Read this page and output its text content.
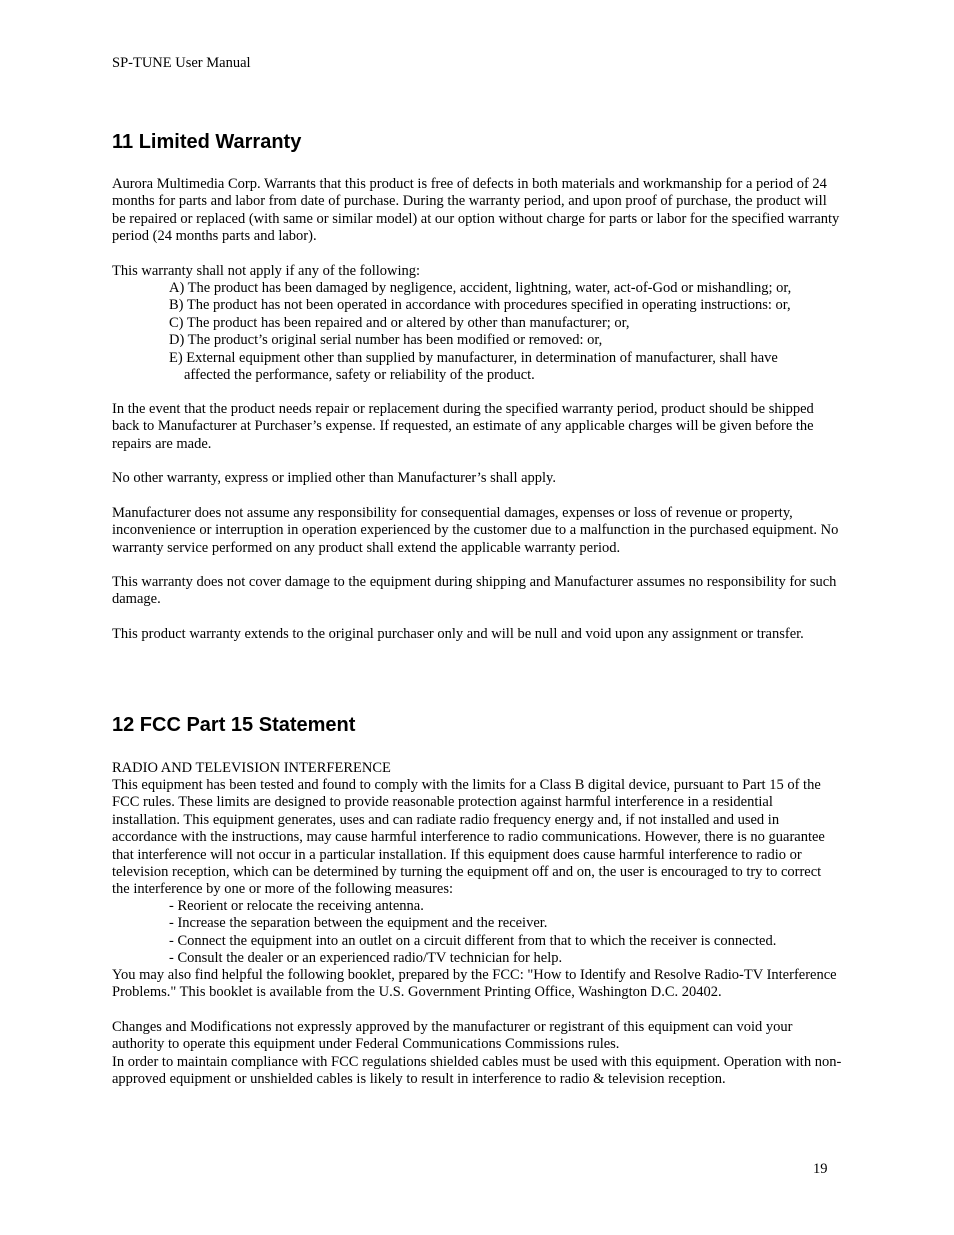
SP-TUNE User Manual
11 Limited Warranty
Aurora Multimedia Corp. Warrants that this product is free of defects in both materials and workmanship for a period of 24 months for parts and labor from date of purchase. During the warranty period, and upon proof of purchase, the product will be repaired or replaced (with same or similar model) at our option without charge for parts or labor for the specified warranty period (24 months parts and labor).
This warranty shall not apply if any of the following:
A) The product has been damaged by negligence, accident, lightning, water, act-of-God or mishandling; or,
B) The product has not been operated in accordance with procedures specified in operating instructions: or,
C) The product has been repaired and or altered by other than manufacturer; or,
D) The product’s original serial number has been modified or removed: or,
E) External equipment other than supplied by manufacturer, in determination of manufacturer, shall have
affected the performance, safety or reliability of the product.
In the event that the product needs repair or replacement during the specified warranty period, product should be shipped back to Manufacturer at Purchaser’s expense. If requested, an estimate of any applicable charges will be given before the repairs are made.
No other warranty, express or implied other than Manufacturer’s shall apply.
Manufacturer does not assume any responsibility for consequential damages, expenses or loss of revenue or property, inconvenience or interruption in operation experienced by the customer due to a malfunction in the purchased equipment. No warranty service performed on any product shall extend the applicable warranty period.
This warranty does not cover damage to the equipment during shipping and Manufacturer assumes no responsibility for such damage.
This product warranty extends to the original purchaser only and will be null and void upon any assignment or transfer.
12 FCC Part 15 Statement
RADIO AND TELEVISION INTERFERENCE
This equipment has been tested and found to comply with the limits for a Class B digital device, pursuant to Part 15 of the FCC rules. These limits are designed to provide reasonable protection against harmful interference in a residential installation. This equipment generates, uses and can radiate radio frequency energy and, if not installed and used in accordance with the instructions, may cause harmful interference to radio communications. However, there is no guarantee that interference will not occur in a particular installation. If this equipment does cause harmful interference to radio or television reception, which can be determined by turning the equipment off and on, the user is encouraged to try to correct the interference by one or more of the following measures:
- Reorient or relocate the receiving antenna.
- Increase the separation between the equipment and the receiver.
- Connect the equipment into an outlet on a circuit different from that to which the receiver is connected.
- Consult the dealer or an experienced radio/TV technician for help.
You may also find helpful the following booklet, prepared by the FCC: "How to Identify and Resolve Radio-TV Interference Problems." This booklet is available from the U.S. Government Printing Office, Washington D.C. 20402.
Changes and Modifications not expressly approved by the manufacturer or registrant of this equipment can void your authority to operate this equipment under Federal Communications Commissions rules.
In order to maintain compliance with FCC regulations shielded cables must be used with this equipment. Operation with non-approved equipment or unshielded cables is likely to result in interference to radio & television reception.
19
